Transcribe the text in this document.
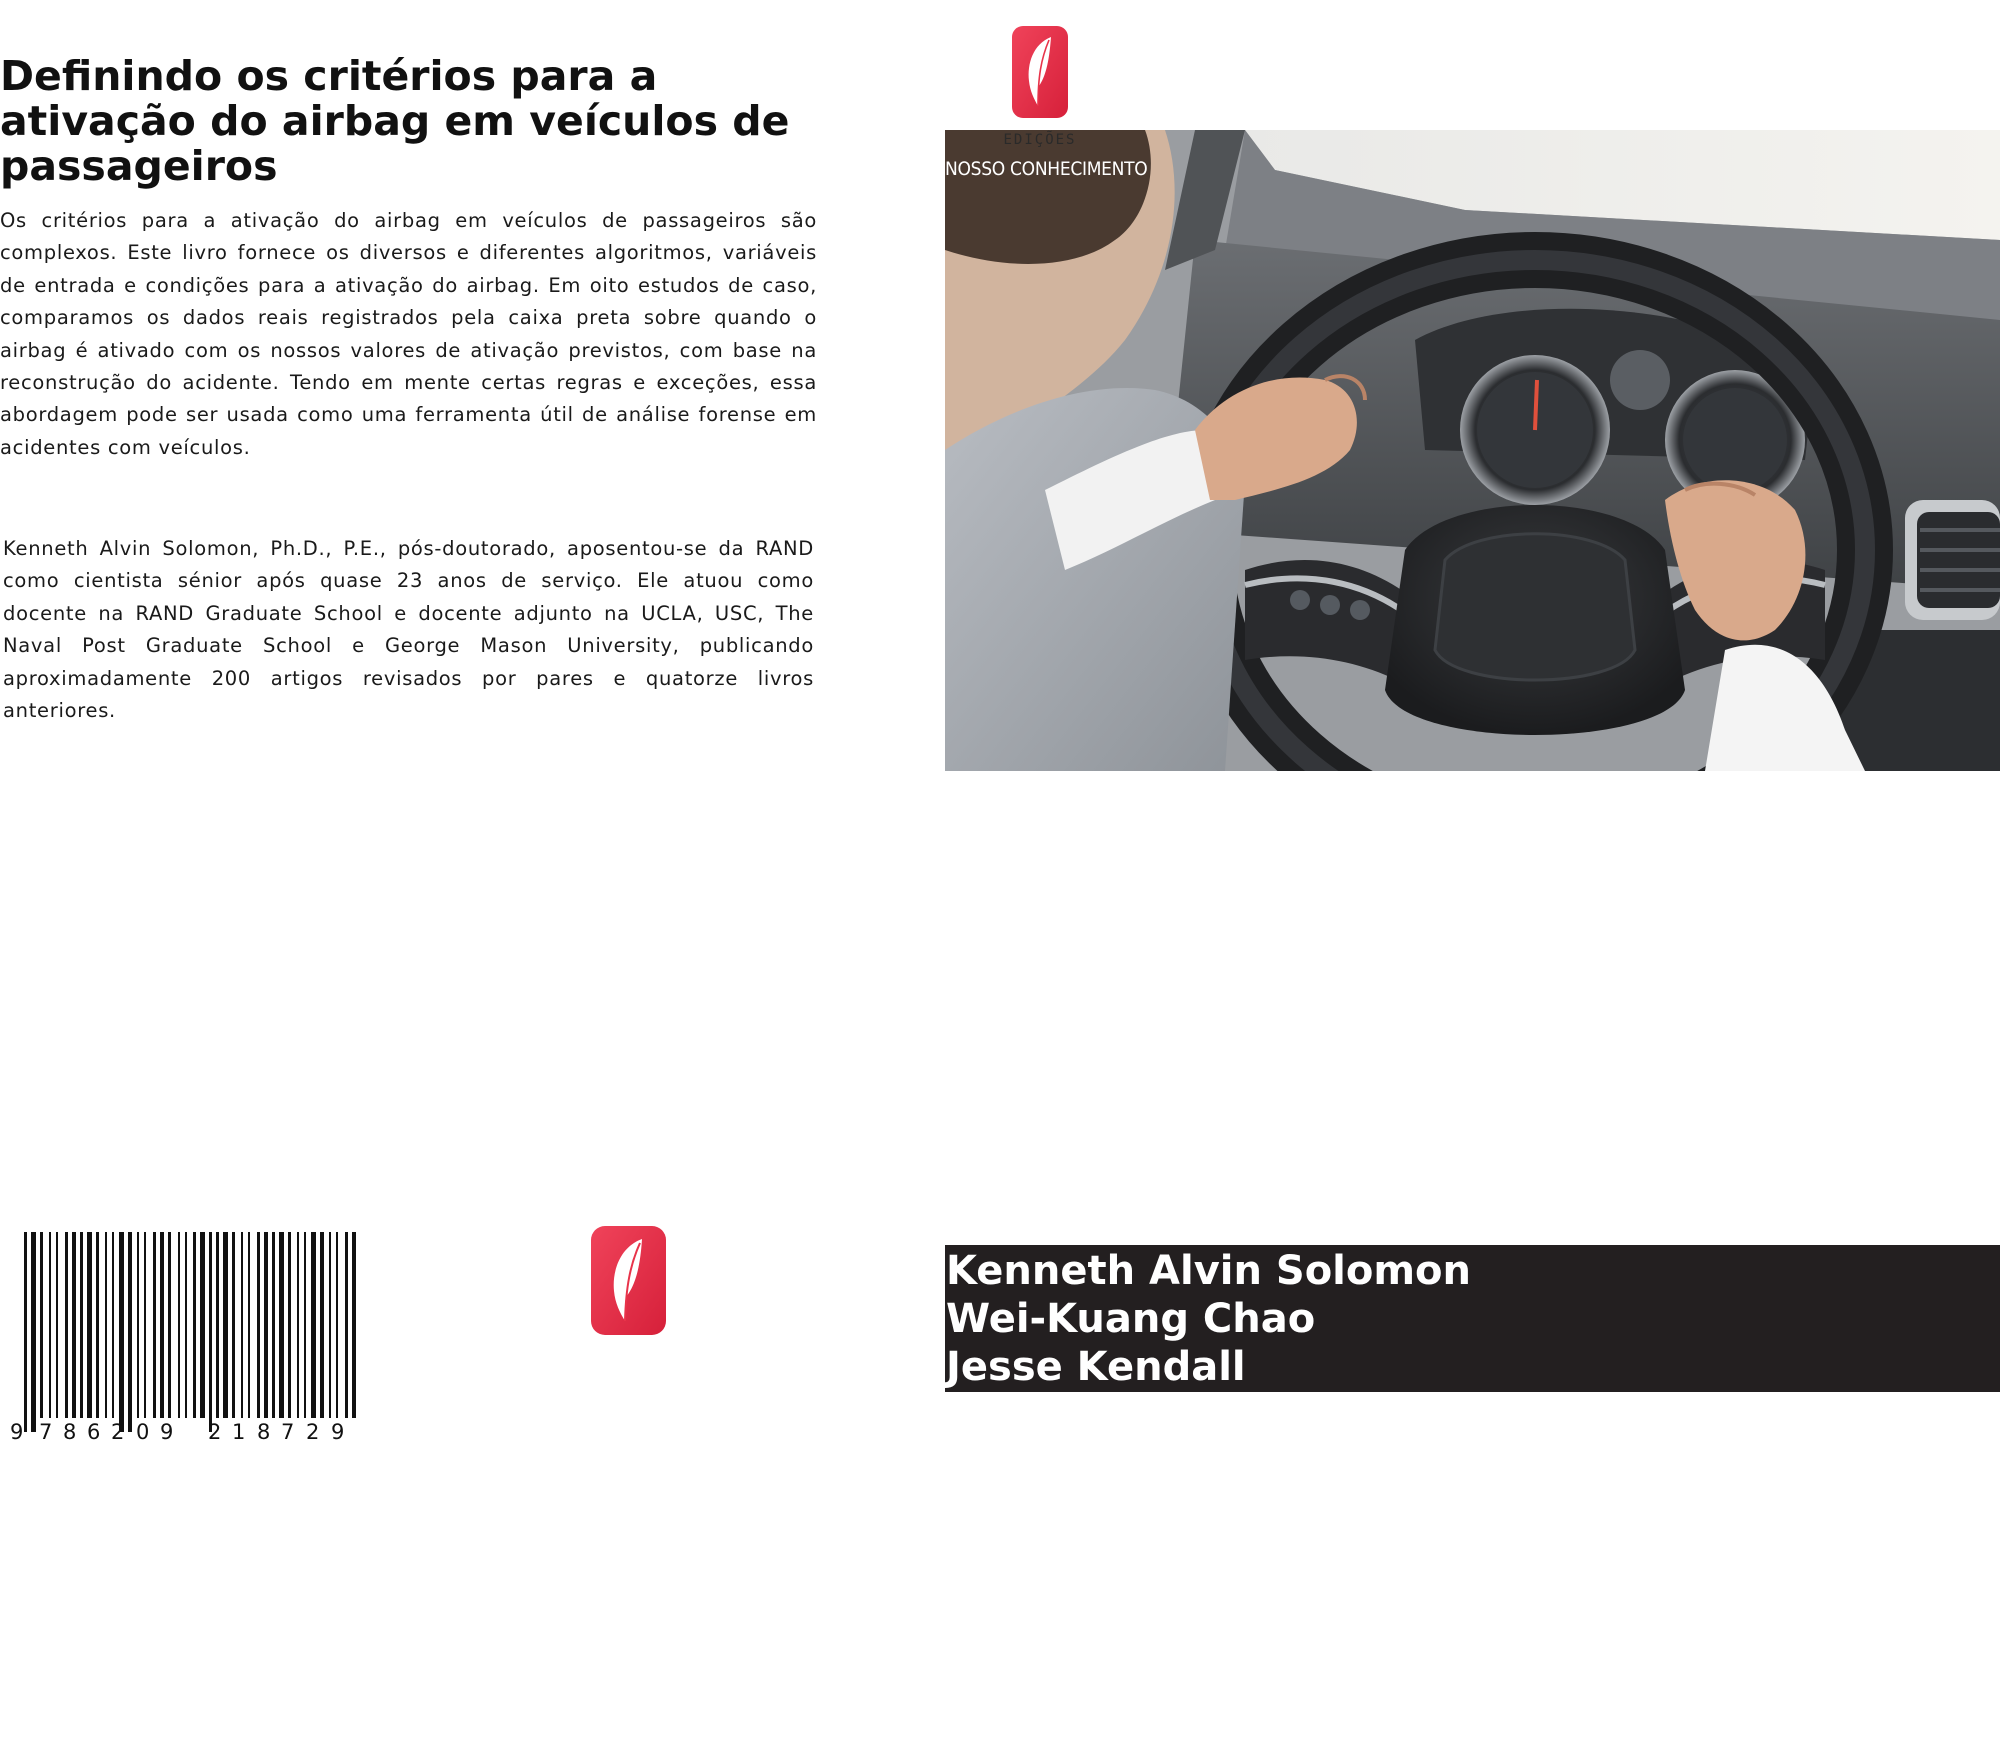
Definindo os critérios para a ativação do airbag em veículos de passageiros

Os critérios para a ativação do airbag em veículos de passageiros são complexos. Este livro fornece os diversos e diferentes algoritmos, variáveis de entrada e condições para a ativação do airbag. Em oito estudos de caso, comparamos os dados reais registrados pela caixa preta sobre quando o airbag é ativado com os nossos valores de ativação previstos, com base na reconstrução do acidente. Tendo em mente certas regras e exceções, essa abordagem pode ser usada como uma ferramenta útil de análise forense em acidentes com veículos.

Kenneth Alvin Solomon, Ph.D., P.E., pós-doutorado, aposentou-se da RAND como cientista sénior após quase 23 anos de serviço. Ele atuou como docente na RAND Graduate School e docente adjunto na UCLA, USC, The Naval Post Graduate School e George Mason University, publicando aproximadamente 200 artigos revisados por pares e quatorze livros anteriores.

9

7

8

6

2

0

9

2

1

8

7

2

9

EDIÇÕES
NOSSO CONHECIMENTO
Kenneth Alvin Solomon
Wei-Kuang Chao
Jesse Kendall
